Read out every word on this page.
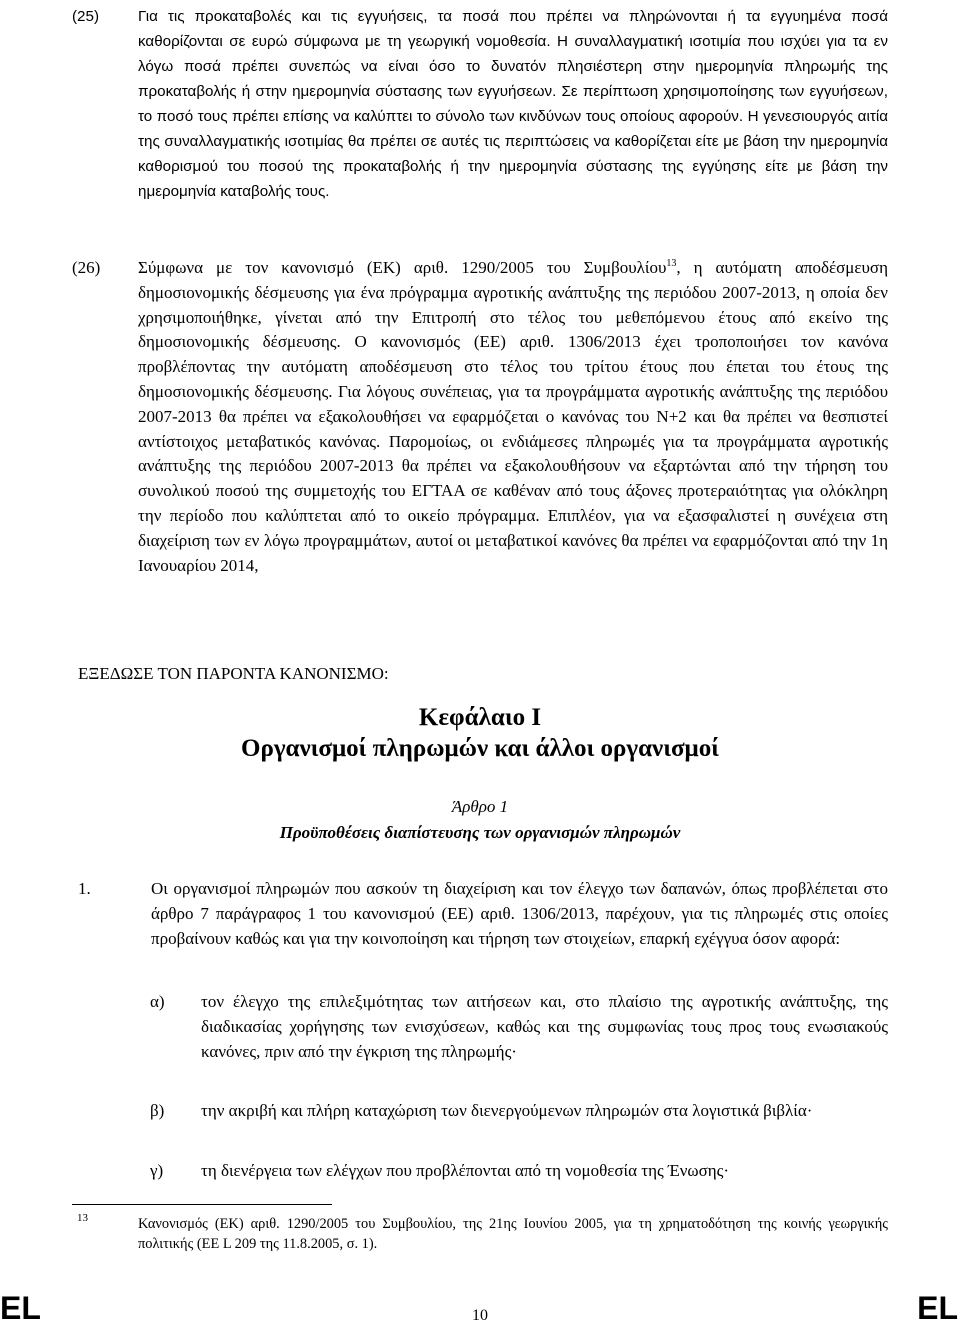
(25)	Για τις προκαταβολές και τις εγγυήσεις, τα ποσά που πρέπει να πληρώνονται ή τα εγγυημένα ποσά καθορίζονται σε ευρώ σύμφωνα με τη γεωργική νομοθεσία. Η συναλλαγματική ισοτιμία που ισχύει για τα εν λόγω ποσά πρέπει συνεπώς να είναι όσο το δυνατόν πλησιέστερη στην ημερομηνία πληρωμής της προκαταβολής ή στην ημερομηνία σύστασης των εγγυήσεων. Σε περίπτωση χρησιμοποίησης των εγγυήσεων, το ποσό τους πρέπει επίσης να καλύπτει το σύνολο των κινδύνων τους οποίους αφορούν. Η γενεσιουργός αιτία της συναλλαγματικής ισοτιμίας θα πρέπει σε αυτές τις περιπτώσεις να καθορίζεται είτε με βάση την ημερομηνία καθορισμού του ποσού της προκαταβολής ή την ημερομηνία σύστασης της εγγύησης είτε με βάση την ημερομηνία καταβολής τους.
(26) Σύμφωνα με τον κανονισμό (ΕΚ) αριθ. 1290/2005 του Συμβουλίου$^{13}$, η αυτόματη αποδέσμευση δημοσιονομικής δέσμευσης για ένα πρόγραμμα αγροτικής ανάπτυξης της περιόδου 2007-2013, η οποία δεν χρησιμοποιήθηκε, γίνεται από την Επιτροπή στο τέλος του μεθεπόμενου έτους από εκείνο της δημοσιονομικής δέσμευσης. Ο κανονισμός (ΕΕ) αριθ. 1306/2013 έχει τροποποιήσει τον κανόνα προβλέποντας την αυτόματη αποδέσμευση στο τέλος του τρίτου έτους που έπεται του έτους της δημοσιονομικής δέσμευσης. Για λόγους συνέπειας, για τα προγράμματα αγροτικής ανάπτυξης της περιόδου 2007-2013 θα πρέπει να εξακολουθήσει να εφαρμόζεται ο κανόνας του Ν+2 και θα πρέπει να θεσπιστεί αντίστοιχος μεταβατικός κανόνας. Παρομοίως, οι ενδιάμεσες πληρωμές για τα προγράμματα αγροτικής ανάπτυξης της περιόδου 2007-2013 θα πρέπει να εξακολουθήσουν να εξαρτώνται από την τήρηση του συνολικού ποσού της συμμετοχής του ΕΓΤΑΑ σε καθέναν από τους άξονες προτεραιότητας για ολόκληρη την περίοδο που καλύπτεται από το οικείο πρόγραμμα. Επιπλέον, για να εξασφαλιστεί η συνέχεια στη διαχείριση των εν λόγω προγραμμάτων, αυτοί οι μεταβατικοί κανόνες θα πρέπει να εφαρμόζονται από την 1η Ιανουαρίου 2014,
ΕΞΕΔΩΣΕ ΤΟΝ ΠΑΡΟΝΤΑ ΚΑΝΟΝΙΣΜΟ:
Κεφάλαιο I
Οργανισμοί πληρωμών και άλλοι οργανισμοί
Άρθρο 1
Προϋποθέσεις διαπίστευσης των οργανισμών πληρωμών
1.	Οι οργανισμοί πληρωμών που ασκούν τη διαχείριση και τον έλεγχο των δαπανών, όπως προβλέπεται στο άρθρο 7 παράγραφος 1 του κανονισμού (ΕΕ) αριθ. 1306/2013, παρέχουν, για τις πληρωμές στις οποίες προβαίνουν καθώς και για την κοινοποίηση και τήρηση των στοιχείων, επαρκή εχέγγυα όσον αφορά:
α) τον έλεγχο της επιλεξιμότητας των αιτήσεων και, στο πλαίσιο της αγροτικής ανάπτυξης, της διαδικασίας χορήγησης των ενισχύσεων, καθώς και της συμφωνίας τους προς τους ενωσιακούς κανόνες, πριν από την έγκριση της πληρωμής·
β) την ακριβή και πλήρη καταχώριση των διενεργούμενων πληρωμών στα λογιστικά βιβλία·
γ) τη διενέργεια των ελέγχων που προβλέπονται από τη νομοθεσία της Ένωσης·
13	Κανονισμός (ΕΚ) αριθ. 1290/2005 του Συμβουλίου, της 21ης Ιουνίου 2005, για τη χρηματοδότηση της κοινής γεωργικής πολιτικής (ΕΕ L 209 της 11.8.2005, σ. 1).
EL	10	EL
